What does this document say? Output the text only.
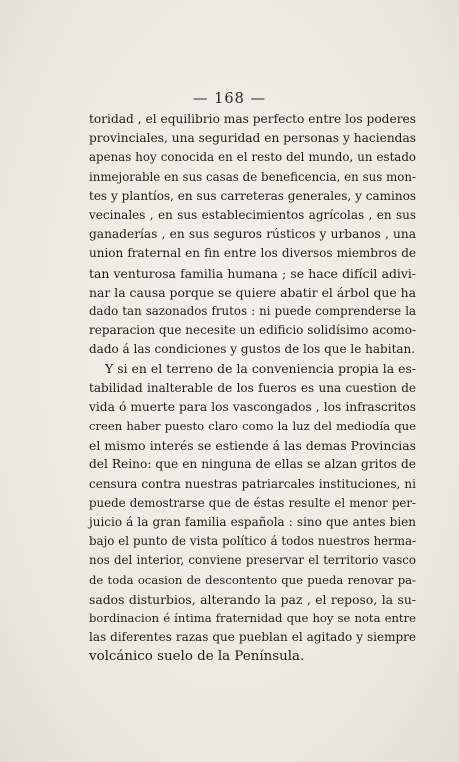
— 168 —
toridad , el equilibrio mas perfecto entre los poderes
provinciales, una seguridad en personas y haciendas
apenas hoy conocida en el resto del mundo, un estado
inmejorable en sus casas de beneficencia, en sus mon-
tes y plantíos, en sus carreteras generales, y caminos
vecinales , en sus establecimientos agrícolas , en sus
ganaderías , en sus seguros rústicos y urbanos , una
union fraternal en fin entre los diversos miembros de
tan venturosa familia humana ; se hace difícil adivi-
nar la causa porque se quiere abatir el árbol que ha
dado tan sazonados frutos : ni puede comprenderse la
reparacion que necesite un edificio solidísimo acomo-
dado á las condiciones y gustos de los que le habitan.
Y si en el terreno de la conveniencia propia la es-
tabilidad inalterable de los fueros es una cuestion de
vida ó muerte para los vascongados , los infrascritos
creen haber puesto claro como la luz del mediodía que
el mismo interés se estiende á las demas Provincias
del Reino: que en ninguna de ellas se alzan gritos de
censura contra nuestras patriarcales instituciones, ni
puede demostrarse que de éstas resulte el menor per-
juicio á la gran familia española : sino que antes bien
bajo el punto de vista político á todos nuestros herma-
nos del interior, conviene preservar el territorio vasco
de toda ocasion de descontento que pueda renovar pa-
sados disturbios, alterando la paz , el reposo, la su-
bordinacion é íntima fraternidad que hoy se nota entre
las diferentes razas que pueblan el agitado y siempre
volcánico suelo de la Península.
